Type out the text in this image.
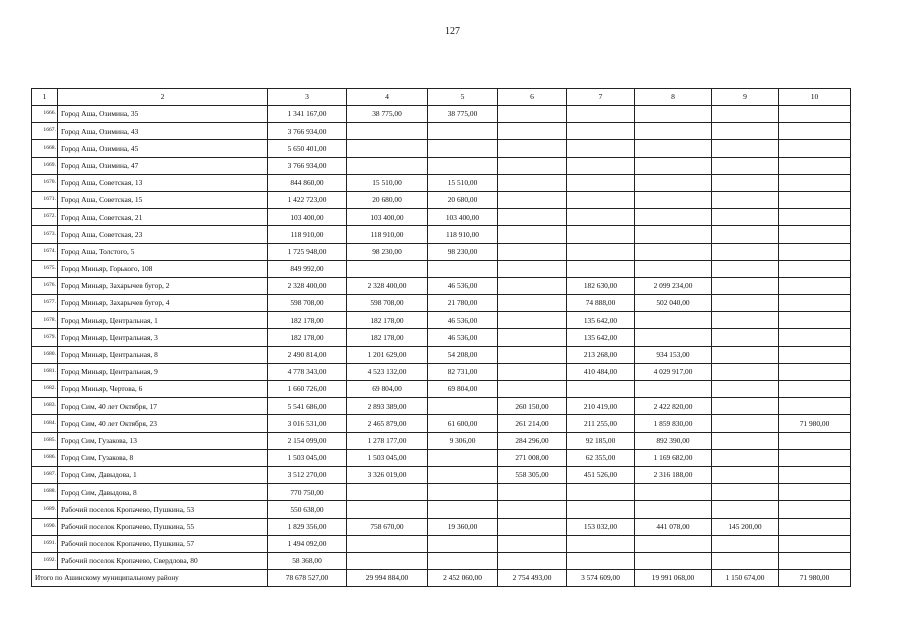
127
1	2	3	4	5	6	7	8	9	10
1666.	Город Аша, Озимина, 35	1 341 167,00	38 775,00	38 775,00					
1667.	Город Аша, Озимина, 43	3 766 934,00							
1668.	Город Аша, Озимина, 45	5 650 401,00							
1669.	Город Аша, Озимина, 47	3 766 934,00							
1670.	Город Аша, Советская, 13	844 860,00	15 510,00	15 510,00					
1671.	Город Аша, Советская, 15	1 422 723,00	20 680,00	20 680,00					
1672.	Город Аша, Советская, 21	103 400,00	103 400,00	103 400,00					
1673.	Город Аша, Советская, 23	118 910,00	118 910,00	118 910,00					
1674.	Город Аша, Толстого, 5	1 725 948,00	98 230,00	98 230,00					
1675.	Город Миньяр, Горького, 108	849 992,00							
1676.	Город Миньяр, Захарычев бугор, 2	2 328 400,00	2 328 400,00	46 536,00		182 630,00	2 099 234,00		
1677.	Город Миньяр, Захарычев бугор, 4	598 708,00	598 708,00	21 780,00		74 888,00	502 040,00		
1678.	Город Миньяр, Центральная, 1	182 178,00	182 178,00	46 536,00		135 642,00			
1679.	Город Миньяр, Центральная, 3	182 178,00	182 178,00	46 536,00		135 642,00			
1680.	Город Миньяр, Центральная, 8	2 490 814,00	1 201 629,00	54 208,00		213 268,00	934 153,00		
1681.	Город Миньяр, Центральная, 9	4 778 343,00	4 523 132,00	82 731,00		410 484,00	4 029 917,00		
1682.	Город Миньяр, Чертова, 6	1 660 726,00	69 804,00	69 804,00					
1683.	Город Сим, 40 лет Октября, 17	5 541 686,00	2 893 389,00		260 150,00	210 419,00	2 422 820,00		
1684.	Город Сим, 40 лет Октября, 23	3 016 531,00	2 465 879,00	61 600,00	261 214,00	211 255,00	1 859 830,00		71 980,00
1685.	Город Сим, Гузакова, 13	2 154 099,00	1 278 177,00	9 306,00	284 296,00	92 185,00	892 390,00		
1686.	Город Сим, Гузакова, 8	1 503 045,00	1 503 045,00		271 008,00	62 355,00	1 169 682,00		
1687.	Город Сим, Давыдова, 1	3 512 270,00	3 326 019,00		558 305,00	451 526,00	2 316 188,00		
1688.	Город Сим, Давыдова, 8	770 750,00							
1689.	Рабочий поселок Кропачево, Пушкина, 53	550 638,00							
1690.	Рабочий поселок Кропачево, Пушкина, 55	1 829 356,00	758 670,00	19 360,00		153 032,00	441 078,00	145 200,00	
1691.	Рабочий поселок Кропачево, Пушкина, 57	1 494 092,00							
1692.	Рабочий поселок Кропачево, Свердлова, 80	58 368,00							
Итого по Ашинскому муниципальному району		78 678 527,00	29 994 884,00	2 452 060,00	2 754 493,00	3 574 609,00	19 991 068,00	1 150 674,00	71 980,00
